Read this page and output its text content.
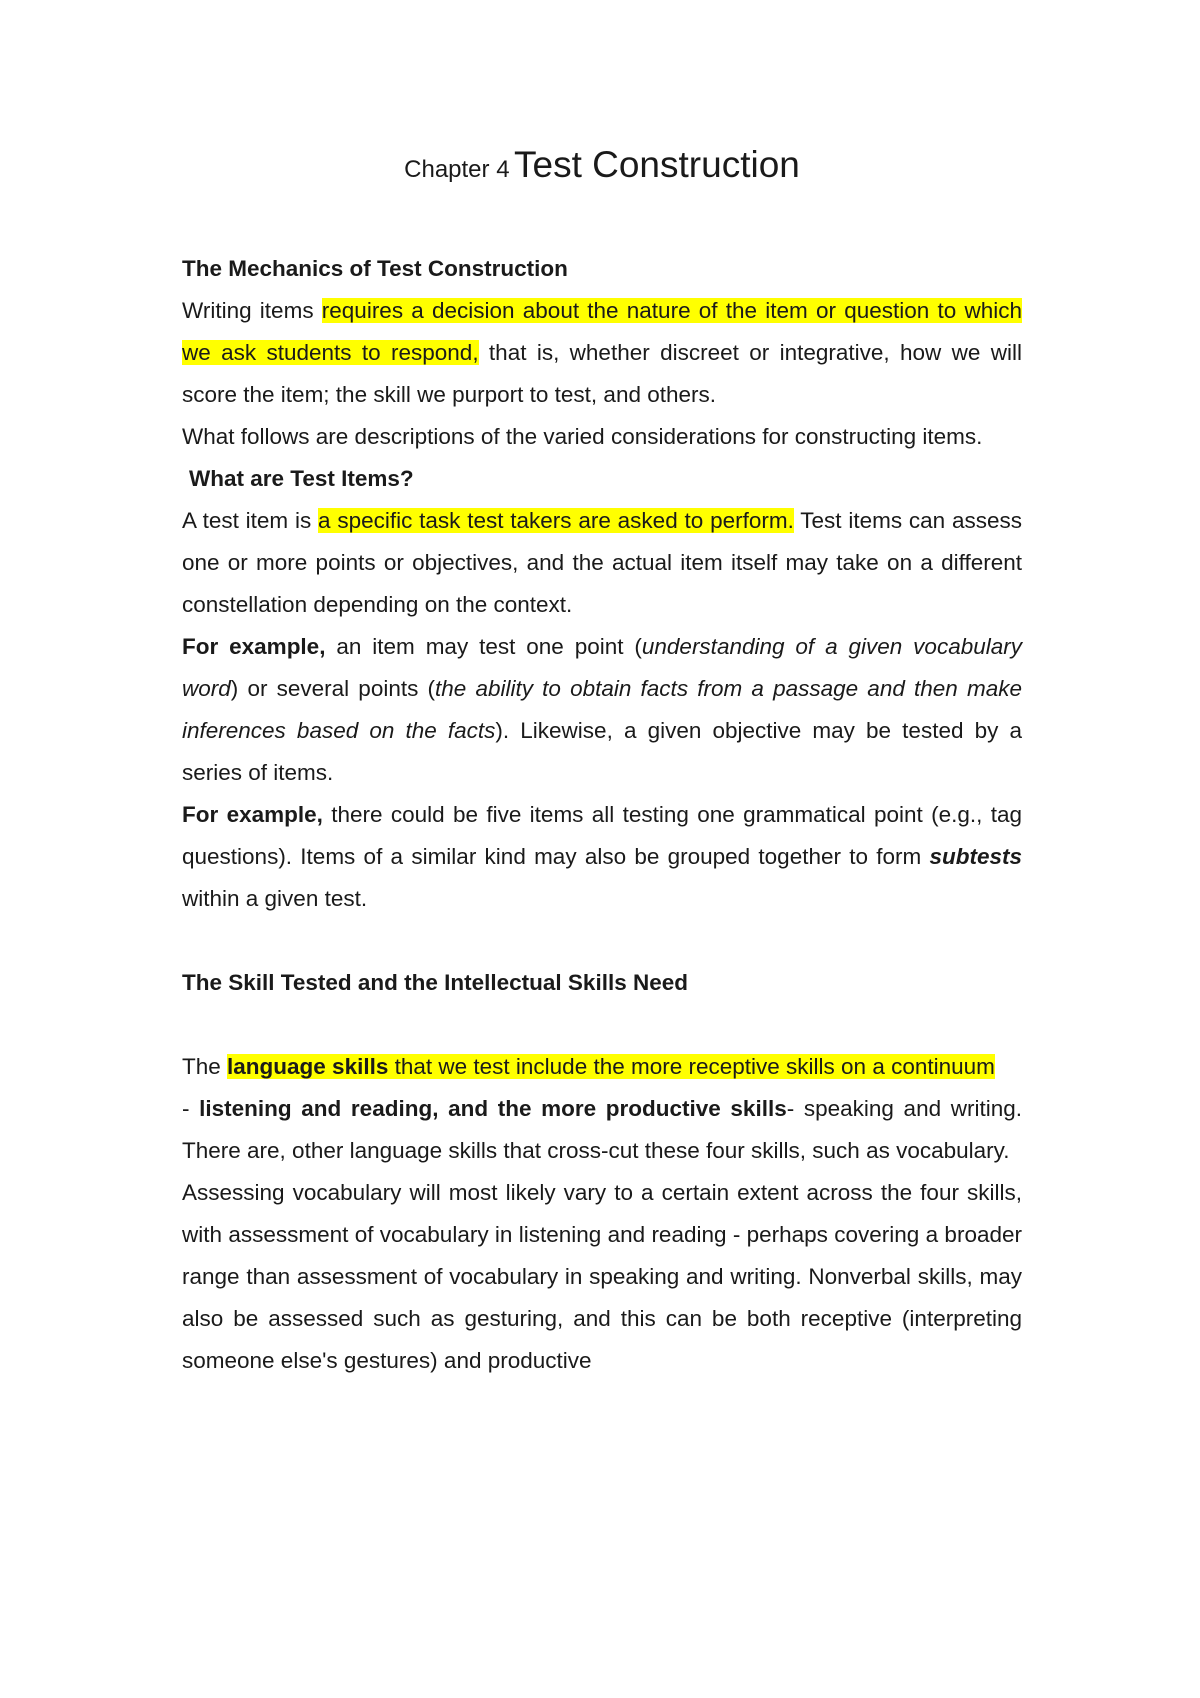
Chapter 4 Test Construction

The Mechanics of Test Construction

Writing items requires a decision about the nature of the item or question to which we ask students to respond, that is, whether discreet or integrative, how we will score the item; the skill we purport to test, and others.

What follows are descriptions of the varied considerations for constructing items.

What are Test Items?

A test item is a specific task test takers are asked to perform. Test items can assess one or more points or objectives, and the actual item itself may take on a different constellation depending on the context.

For example, an item may test one point (understanding of a given vocabulary word) or several points (the ability to obtain facts from a passage and then make inferences based on the facts). Likewise, a given objective may be tested by a series of items.

For example, there could be five items all testing one grammatical point (e.g., tag questions). Items of a similar kind may also be grouped together to form subtests within a given test.

The Skill Tested and the Intellectual Skills Need

The language skills that we test include the more receptive skills on a continuum

- listening and reading, and the more productive skills- speaking and writing. There are, other language skills that cross-cut these four skills, such as vocabulary.

Assessing vocabulary will most likely vary to a certain extent across the four skills, with assessment of vocabulary in listening and reading - perhaps covering a broader range than assessment of vocabulary in speaking and writing. Nonverbal skills, may also be assessed such as gesturing, and this can be both receptive (interpreting someone else's gestures) and productive
